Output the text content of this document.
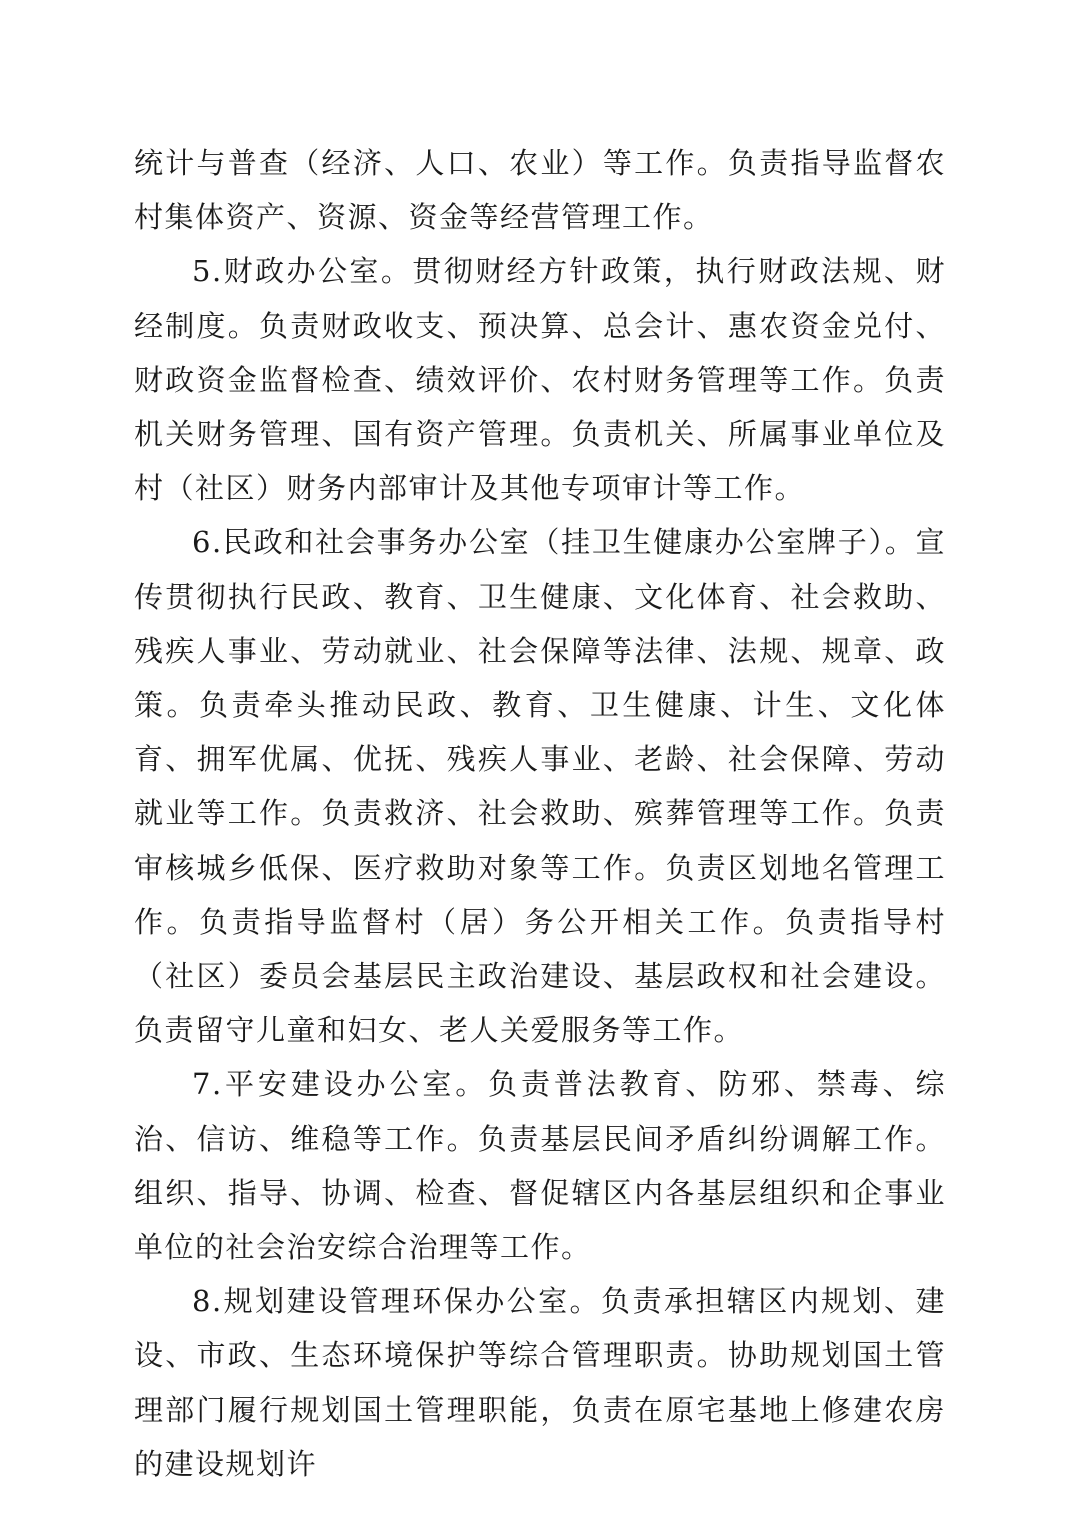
统计与普查（经济、人口、农业）等工作。负责指导监督农村集体资产、资源、资金等经营管理工作。

5.财政办公室。贯彻财经方针政策，执行财政法规、财经制度。负责财政收支、预决算、总会计、惠农资金兑付、财政资金监督检查、绩效评价、农村财务管理等工作。负责机关财务管理、国有资产管理。负责机关、所属事业单位及村（社区）财务内部审计及其他专项审计等工作。

6.民政和社会事务办公室（挂卫生健康办公室牌子）。宣传贯彻执行民政、教育、卫生健康、文化体育、社会救助、残疾人事业、劳动就业、社会保障等法律、法规、规章、政策。负责牵头推动民政、教育、卫生健康、计生、文化体育、拥军优属、优抚、残疾人事业、老龄、社会保障、劳动就业等工作。负责救济、社会救助、殡葬管理等工作。负责审核城乡低保、医疗救助对象等工作。负责区划地名管理工作。负责指导监督村（居）务公开相关工作。负责指导村（社区）委员会基层民主政治建设、基层政权和社会建设。负责留守儿童和妇女、老人关爱服务等工作。

7.平安建设办公室。负责普法教育、防邪、禁毒、综治、信访、维稳等工作。负责基层民间矛盾纠纷调解工作。组织、指导、协调、检查、督促辖区内各基层组织和企事业单位的社会治安综合治理等工作。

8.规划建设管理环保办公室。负责承担辖区内规划、建设、市政、生态环境保护等综合管理职责。协助规划国土管理部门履行规划国土管理职能，负责在原宅基地上修建农房的建设规划许
